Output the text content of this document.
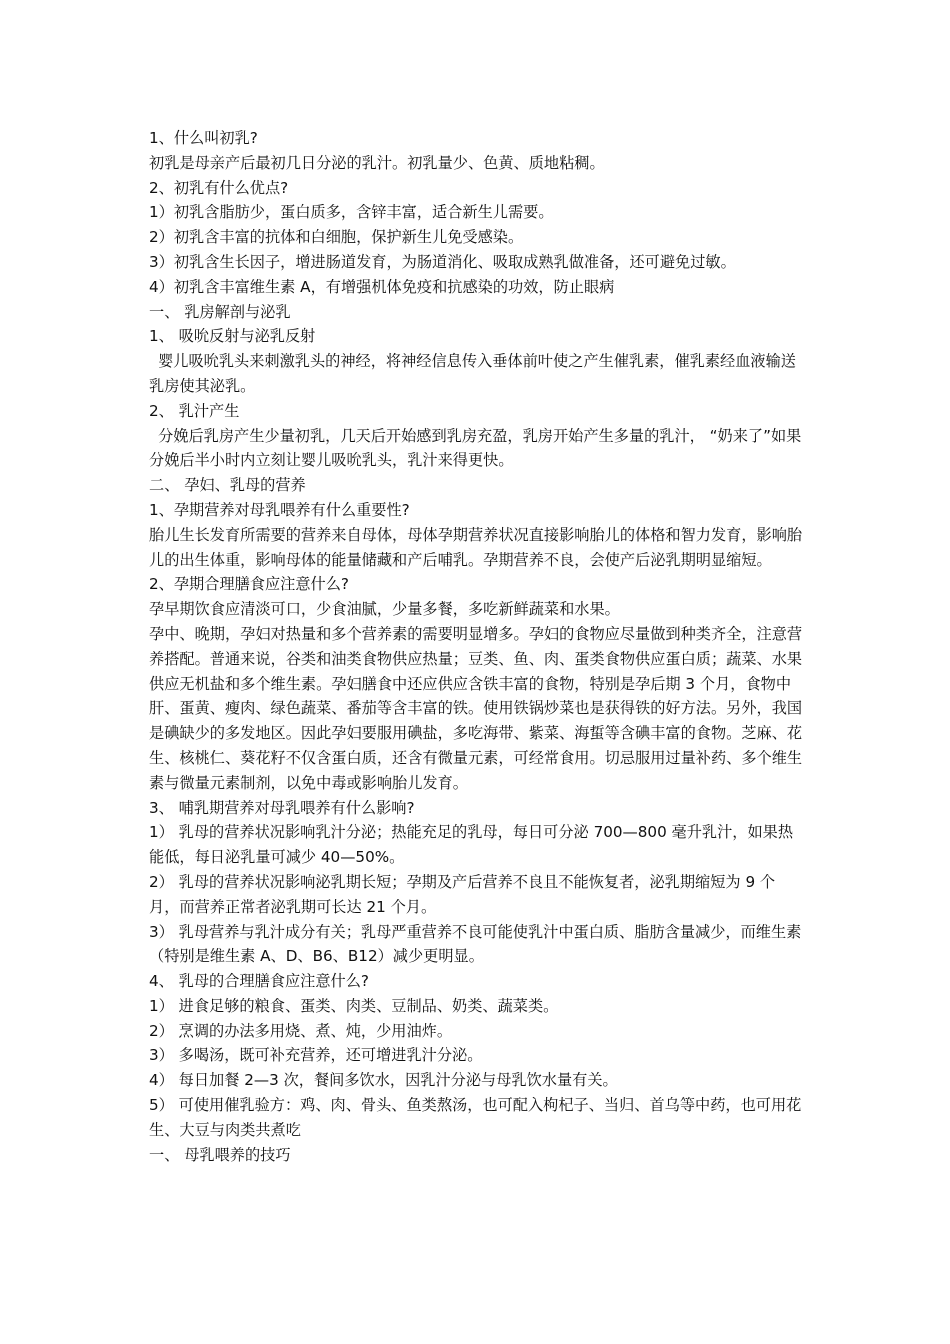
1、什么叫初乳?

初乳是母亲产后最初几日分泌的乳汁。初乳量少、色黄、质地粘稠。

2、初乳有什么优点?

1）初乳含脂肪少，蛋白质多，含锌丰富，适合新生儿需要。

2）初乳含丰富的抗体和白细胞，保护新生儿免受感染。

3）初乳含生长因子，增进肠道发育，为肠道消化、吸取成熟乳做准备，还可避免过敏。

4）初乳含丰富维生素 A，有增强机体免疫和抗感染的功效，防止眼病

一、 乳房解剖与泌乳

1、 吸吮反射与泌乳反射

婴儿吸吮乳头来刺激乳头的神经，将神经信息传入垂体前叶使之产生催乳素，催乳素经血液输送乳房使其泌乳。

2、 乳汁产生

分娩后乳房产生少量初乳，几天后开始感到乳房充盈，乳房开始产生多量的乳汁， “奶来了”如果分娩后半小时内立刻让婴儿吸吮乳头，乳汁来得更快。

二、 孕妇、乳母的营养

1、孕期营养对母乳喂养有什么重要性?

胎儿生长发育所需要的营养来自母体，母体孕期营养状况直接影响胎儿的体格和智力发育，影响胎儿的出生体重，影响母体的能量储藏和产后哺乳。孕期营养不良，会使产后泌乳期明显缩短。

2、孕期合理膳食应注意什么?

孕早期饮食应清淡可口，少食油腻，少量多餐，多吃新鲜蔬菜和水果。

孕中、晚期，孕妇对热量和多个营养素的需要明显增多。孕妇的食物应尽量做到种类齐全，注意营养搭配。普通来说，谷类和油类食物供应热量；豆类、鱼、肉、蛋类食物供应蛋白质；蔬菜、水果供应无机盐和多个维生素。孕妇膳食中还应供应含铁丰富的食物，特别是孕后期 3 个月，食物中肝、蛋黄、瘦肉、绿色蔬菜、番茄等含丰富的铁。使用铁锅炒菜也是获得铁的好方法。另外，我国是碘缺少的多发地区。因此孕妇要服用碘盐，多吃海带、紫菜、海蜇等含碘丰富的食物。芝麻、花生、核桃仁、葵花籽不仅含蛋白质，还含有微量元素，可经常食用。切忌服用过量补药、多个维生素与微量元素制剂，以免中毒或影响胎儿发育。

3、 哺乳期营养对母乳喂养有什么影响?

1） 乳母的营养状况影响乳汁分泌；热能充足的乳母，每日可分泌 700—800 毫升乳汁，如果热能低，每日泌乳量可减少 40—50%。

2） 乳母的营养状况影响泌乳期长短；孕期及产后营养不良且不能恢复者，泌乳期缩短为 9 个月，而营养正常者泌乳期可长达 21 个月。

3） 乳母营养与乳汁成分有关；乳母严重营养不良可能使乳汁中蛋白质、脂肪含量减少，而维生素（特别是维生素 A、D、B6、B12）减少更明显。

4、 乳母的合理膳食应注意什么?

1） 进食足够的粮食、蛋类、肉类、豆制品、奶类、蔬菜类。

2） 烹调的办法多用烧、煮、炖，少用油炸。

3） 多喝汤，既可补充营养，还可增进乳汁分泌。

4） 每日加餐 2—3 次，餐间多饮水，因乳汁分泌与母乳饮水量有关。

5） 可使用催乳验方：鸡、肉、骨头、鱼类熬汤，也可配入枸杞子、当归、首乌等中药，也可用花生、大豆与肉类共煮吃

一、 母乳喂养的技巧
